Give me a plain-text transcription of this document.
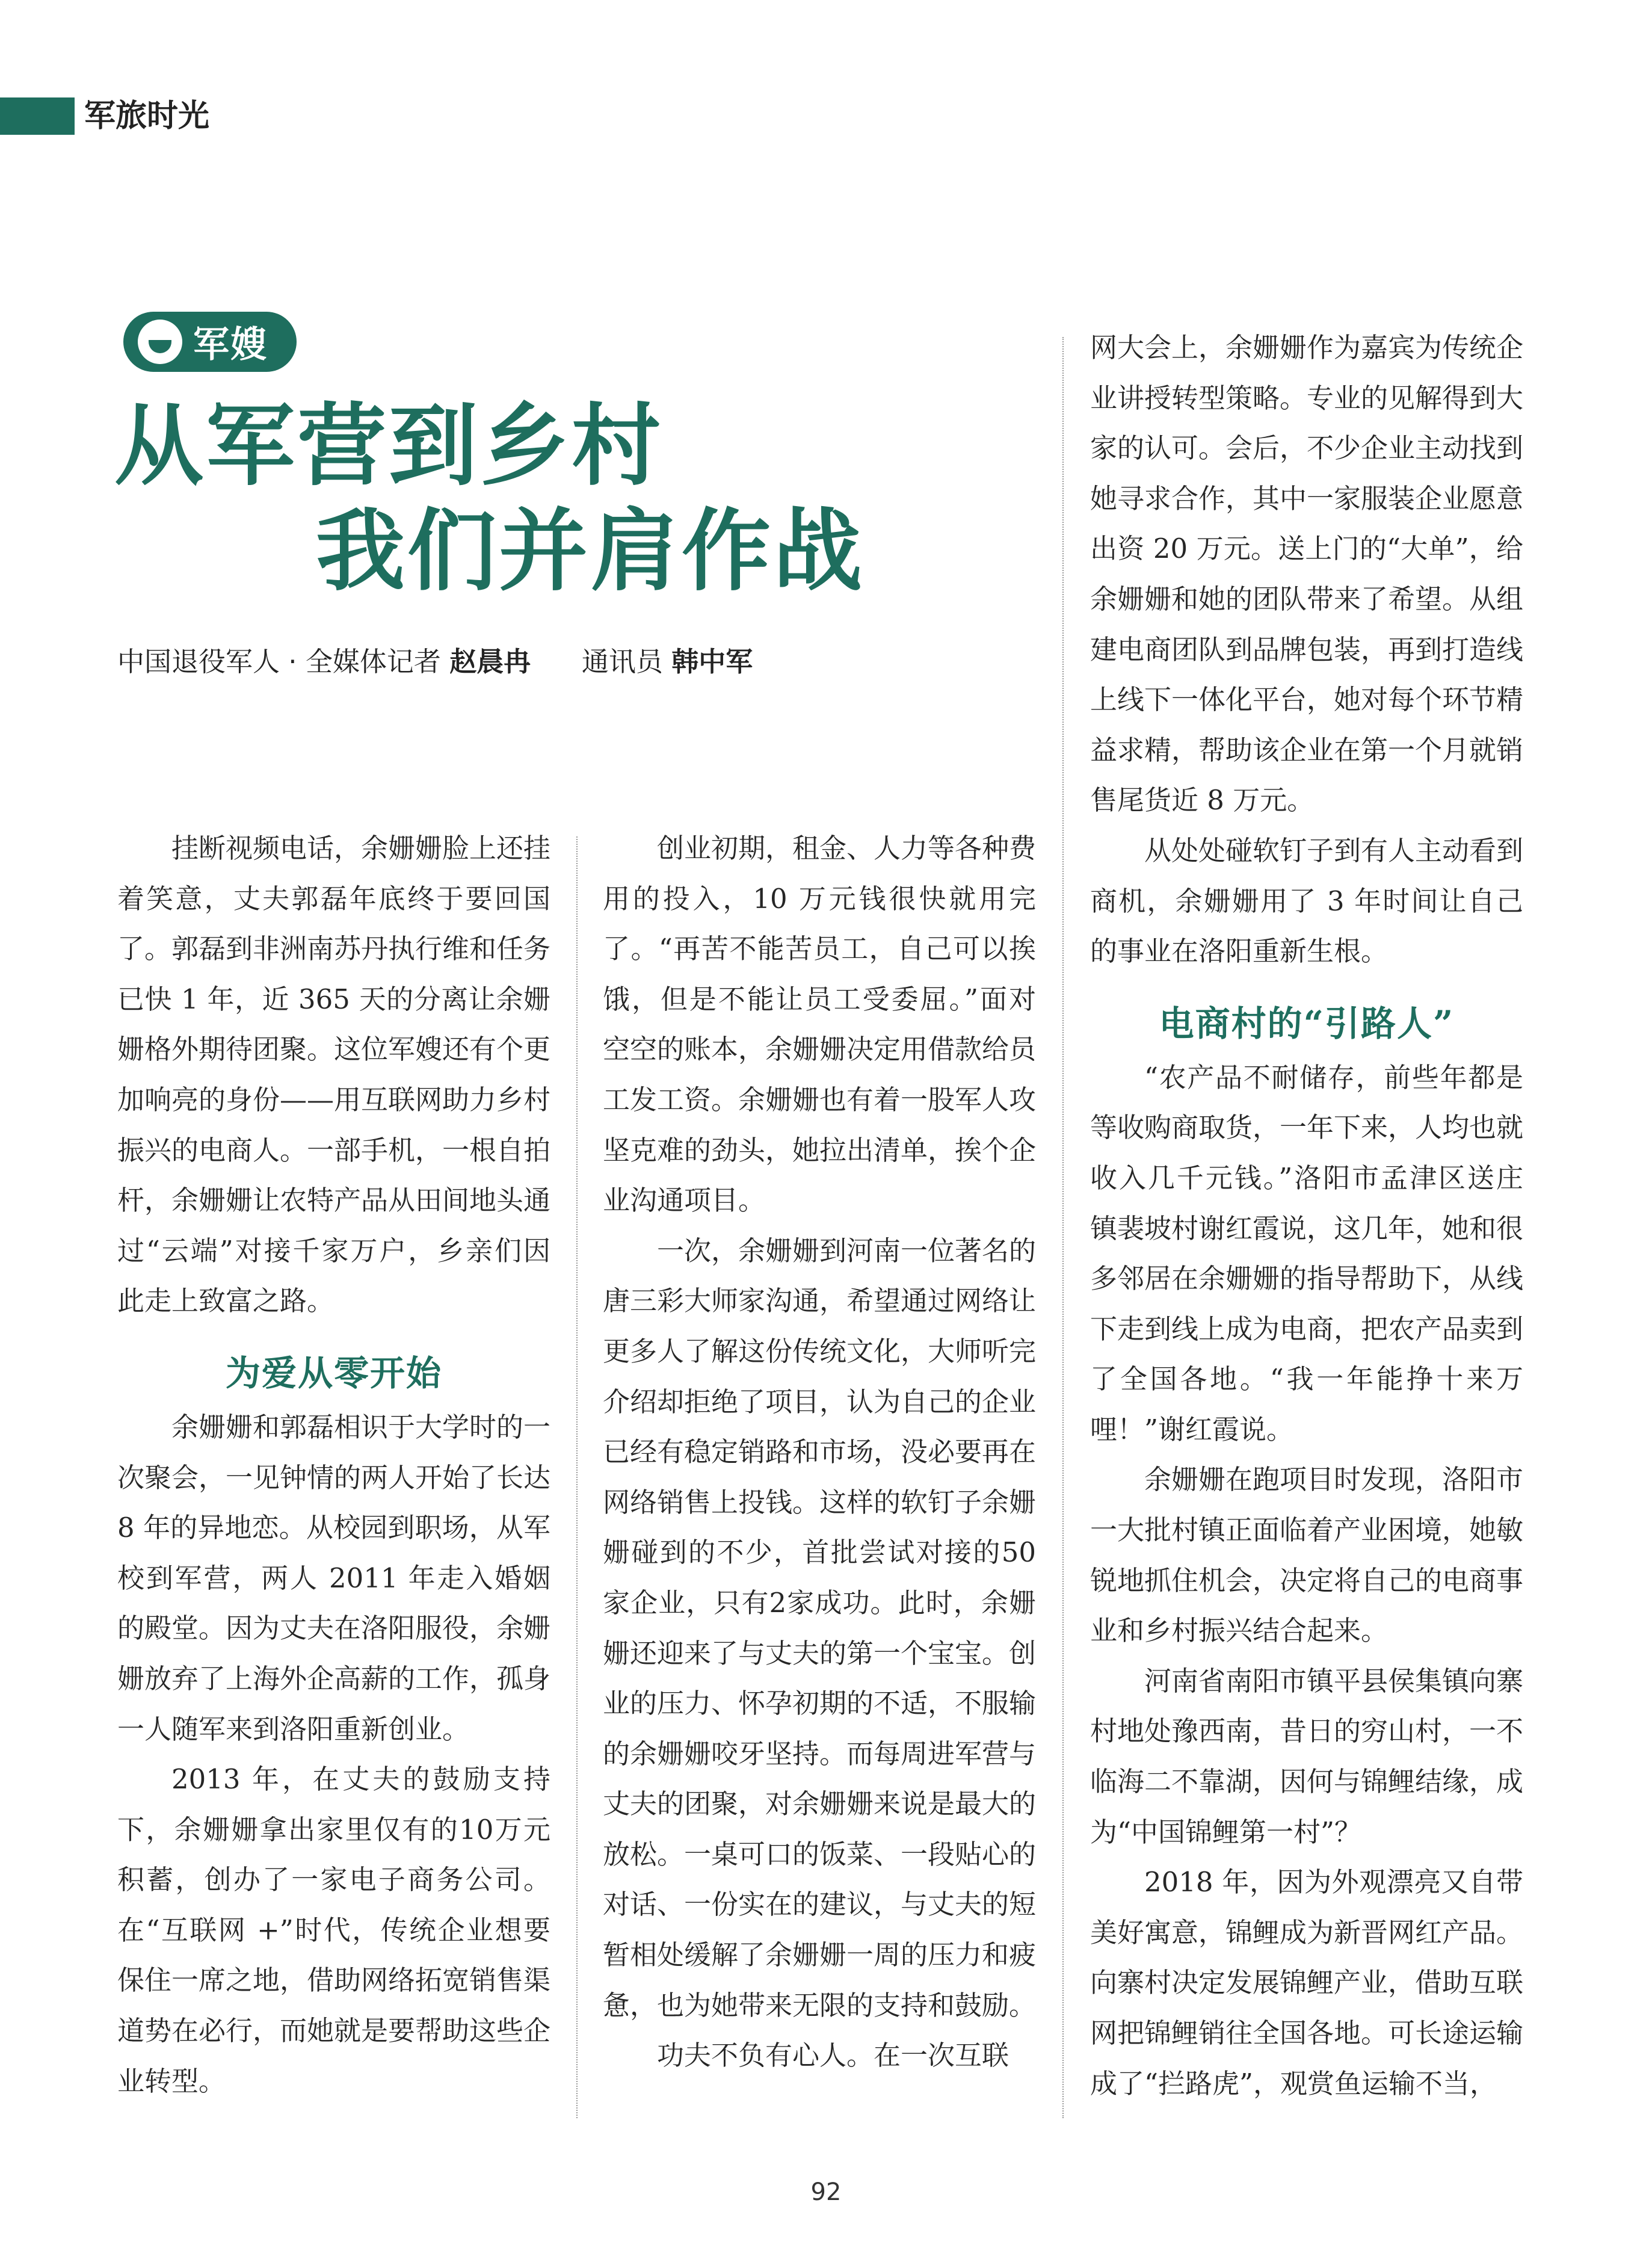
军旅时光
军嫂
从军营到乡村
我们并肩作战
中国退役军人 · 全媒体记者 赵晨冉 通讯员 韩中军

挂断视频电话，余姗姗脸上还挂着笑意，丈夫郭磊年底终于要回国了。郭磊到非洲南苏丹执行维和任务已快 1 年，近 365 天的分离让余姗姗格外期待团聚。这位军嫂还有个更加响亮的身份——用互联网助力乡村振兴的电商人。一部手机，一根自拍杆，余姗姗让农特产品从田间地头通过“云端”对接千家万户，乡亲们因此走上致富之路。

为爱从零开始

余姗姗和郭磊相识于大学时的一次聚会，一见钟情的两人开始了长达 8 年的异地恋。从校园到职场，从军校到军营，两人 2011 年走入婚姻的殿堂。因为丈夫在洛阳服役，余姗姗放弃了上海外企高薪的工作，孤身一人随军来到洛阳重新创业。

2013 年，在丈夫的鼓励支持下，余姗姗拿出家里仅有的10万元积蓄，创办了一家电子商务公司。在“互联网 +”时代，传统企业想要保住一席之地，借助网络拓宽销售渠道势在必行，而她就是要帮助这些企业转型。

创业初期，租金、人力等各种费用的投入，10 万元钱很快就用完了。“再苦不能苦员工，自己可以挨饿，但是不能让员工受委屈。”面对空空的账本，余姗姗决定用借款给员工发工资。余姗姗也有着一股军人攻坚克难的劲头，她拉出清单，挨个企业沟通项目。

一次，余姗姗到河南一位著名的唐三彩大师家沟通，希望通过网络让更多人了解这份传统文化，大师听完介绍却拒绝了项目，认为自己的企业已经有稳定销路和市场，没必要再在网络销售上投钱。这样的软钉子余姗姗碰到的不少，首批尝试对接的50家企业，只有2家成功。此时，余姗姗还迎来了与丈夫的第一个宝宝。创业的压力、怀孕初期的不适，不服输的余姗姗咬牙坚持。而每周进军营与丈夫的团聚，对余姗姗来说是最大的放松。一桌可口的饭菜、一段贴心的对话、一份实在的建议，与丈夫的短暂相处缓解了余姗姗一周的压力和疲惫，也为她带来无限的支持和鼓励。

功夫不负有心人。在一次互联

网大会上，余姗姗作为嘉宾为传统企业讲授转型策略。专业的见解得到大家的认可。会后，不少企业主动找到她寻求合作，其中一家服装企业愿意出资 20 万元。送上门的“大单”，给余姗姗和她的团队带来了希望。从组建电商团队到品牌包装，再到打造线上线下一体化平台，她对每个环节精益求精，帮助该企业在第一个月就销售尾货近 8 万元。

从处处碰软钉子到有人主动看到商机，余姗姗用了 3 年时间让自己的事业在洛阳重新生根。

电商村的“引路人”

“农产品不耐储存，前些年都是等收购商取货，一年下来，人均也就收入几千元钱。”洛阳市孟津区送庄镇裴坡村谢红霞说，这几年，她和很多邻居在余姗姗的指导帮助下，从线下走到线上成为电商，把农产品卖到了全国各地。“我一年能挣十来万哩！”谢红霞说。

余姗姗在跑项目时发现，洛阳市一大批村镇正面临着产业困境，她敏锐地抓住机会，决定将自己的电商事业和乡村振兴结合起来。

河南省南阳市镇平县侯集镇向寨村地处豫西南，昔日的穷山村，一不临海二不靠湖，因何与锦鲤结缘，成为“中国锦鲤第一村”？

2018 年，因为外观漂亮又自带美好寓意，锦鲤成为新晋网红产品。向寨村决定发展锦鲤产业，借助互联网把锦鲤销往全国各地。可长途运输成了“拦路虎”，观赏鱼运输不当，

92
